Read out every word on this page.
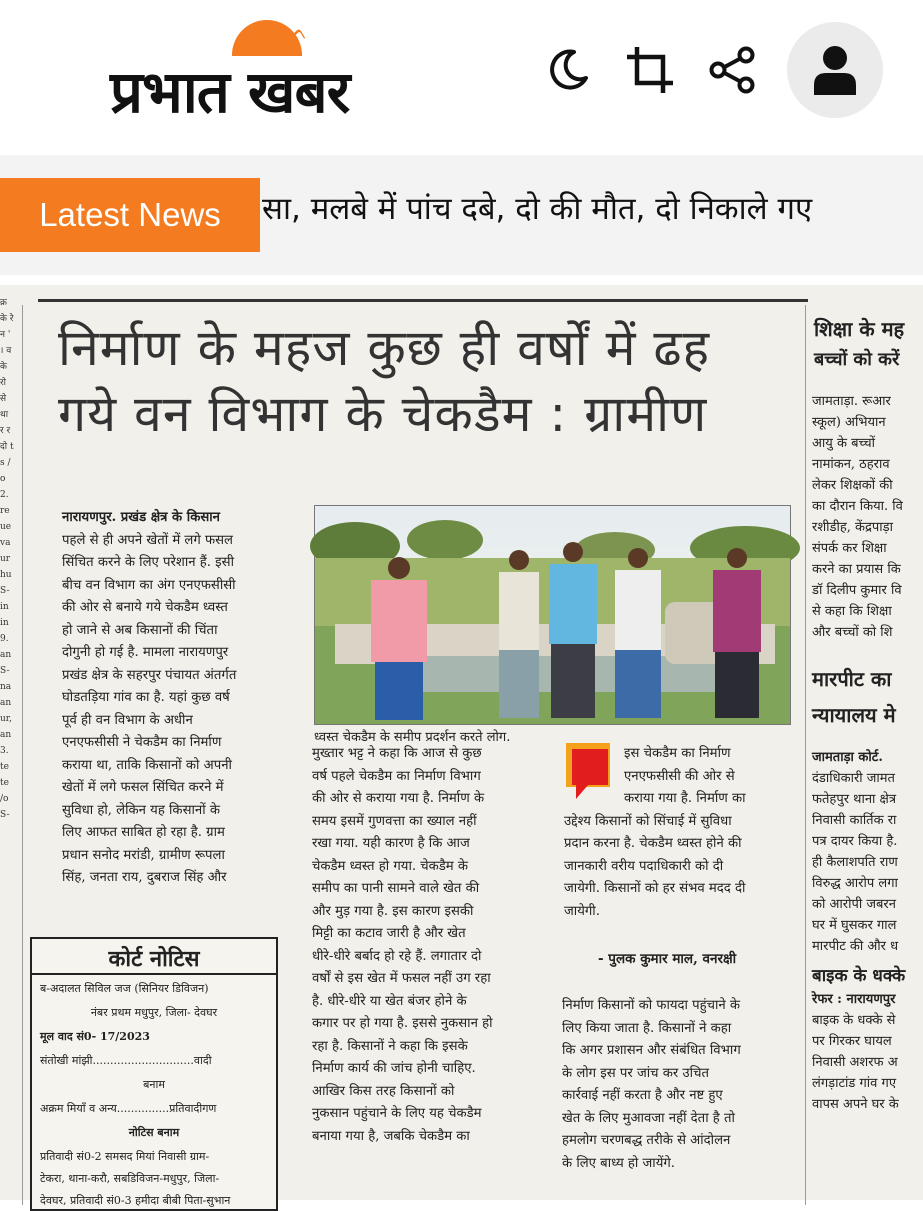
ᨓ
प्रभात खबर
Latest News	सा, मलबे में पांच दबे, दो की मौत, दो निकाले गए
क्र के रे न ' । व के रो से था र र दो ts /o 2. re ue va ur hu S- in in 9. an S- na an ur, an 3. te te /o S-
निर्माण के महज कुछ ही वर्षों में ढह
गये वन विभाग के चेकडैम : ग्रामीण
नारायणपुर. प्रखंड क्षेत्र के किसान
पहले से ही अपने खेतों में लगे फसल
सिंचित करने के लिए परेशान हैं. इसी
बीच वन विभाग का अंग एनएफसीसी
की ओर से बनाये गये चेकडैम ध्वस्त
हो जाने से अब किसानों की चिंता
दोगुनी हो गई है. मामला नारायणपुर
प्रखंड क्षेत्र के सहरपुर पंचायत अंतर्गत
घोडतड़िया गांव का है. यहां कुछ वर्ष
पूर्व ही वन विभाग के अधीन
एनएफसीसी ने चेकडैम का निर्माण
कराया था, ताकि किसानों को अपनी
खेतों में लगे फसल सिंचित करने में
सुविधा हो, लेकिन यह किसानों के
लिए आफत साबित हो रहा है. ग्राम
प्रधान सनोद मरांडी, ग्रामीण रूपला
सिंह, जनता राय, दुबराज सिंह और
ध्वस्त चेकडैम के समीप प्रदर्शन करते लोग.
मुख्तार भट्ट ने कहा कि आज से कुछ
वर्ष पहले चेकडैम का निर्माण विभाग
की ओर से कराया गया है. निर्माण के
समय इसमें गुणवत्ता का ख्याल नहीं
रखा गया. यही कारण है कि आज
चेकडैम ध्वस्त हो गया. चेकडैम के
समीप का पानी सामने वाले खेत की
और मुड़ गया है. इस कारण इसकी
मिट्टी का कटाव जारी है और खेत
धीरे-धीरे बर्बाद हो रहे हैं. लगातार दो
वर्षों से इस खेत में फसल नहीं उग रहा
है. धीरे-धीरे या खेत बंजर होने के
कगार पर हो गया है. इससे नुकसान हो
रहा है. किसानों ने कहा कि इसके
निर्माण कार्य की जांच होनी चाहिए.
आखिर किस तरह किसानों को
नुकसान पहुंचाने के लिए यह चेकडैम
बनाया गया है, जबकि चेकडैम का
इस चेकडैम का निर्माण
एनएफसीसी की ओर से
कराया गया है. निर्माण का
उद्देश्य किसानों को सिंचाई में सुविधा
प्रदान करना है. चेकडैम ध्वस्त होने की
जानकारी वरीय पदाधिकारी को दी
जायेगी. किसानों को हर संभव मदद दी
जायेगी.
- पुलक कुमार माल, वनरक्षी
निर्माण किसानों को फायदा पहुंचाने के
लिए किया जाता है. किसानों ने कहा
कि अगर प्रशासन और संबंधित विभाग
के लोग इस पर जांच कर उचित
कार्रवाई नहीं करता है और नष्ट हुए
खेत के लिए मुआवजा नहीं देता है तो
हमलोग चरणबद्ध तरीके से आंदोलन
के लिए बाध्य हो जायेंगे.
कोर्ट नोटिस
ब-अदालत सिविल जज (सिनियर डिविजन)
नंबर प्रथम मधुपुर, जिला- देवघर
मूल वाद सं0- 17/2023
संतोखी मांझी.............................वादी
बनाम
अक्रम मियाँ व अन्य...............प्रतिवादीगण
नोटिस बनाम
प्रतिवादी सं0-2 समसद मियां निवासी ग्राम-
टेकरा, थाना-करौ, सबडिविजन-मधुपुर, जिला-
देवघर, प्रतिवादी सं0-3 हमीदा बीबी पिता-सुभान
शिक्षा के मह
बच्चों को करें
जामताड़ा. रूआर
स्कूल) अभियान
आयु के बच्चों
नामांकन, ठहराव
लेकर शिक्षकों की
का दौरान किया. वि
रशीडीह, केंद्रपाड़ा
संपर्क कर शिक्षा
करने का प्रयास कि
डॉ दिलीप कुमार वि
से कहा कि शिक्षा
और बच्चों को शि
मारपीट का
न्यायालय मे
जामताड़ा कोर्ट.
दंडाधिकारी जामत
फतेहपुर थाना क्षेत्र
निवासी कार्तिक रा
पत्र दायर किया है.
ही कैलाशपति राण
विरुद्ध आरोप लगा
को आरोपी जबरन
घर में घुसकर गाल
मारपीट की और ध
बाइक के धक्के
रेफर : नारायणपुर
बाइक के धक्के से
पर गिरकर घायल
निवासी अशरफ अ
लंगड़ाटांड गांव गए
वापस अपने घर के
